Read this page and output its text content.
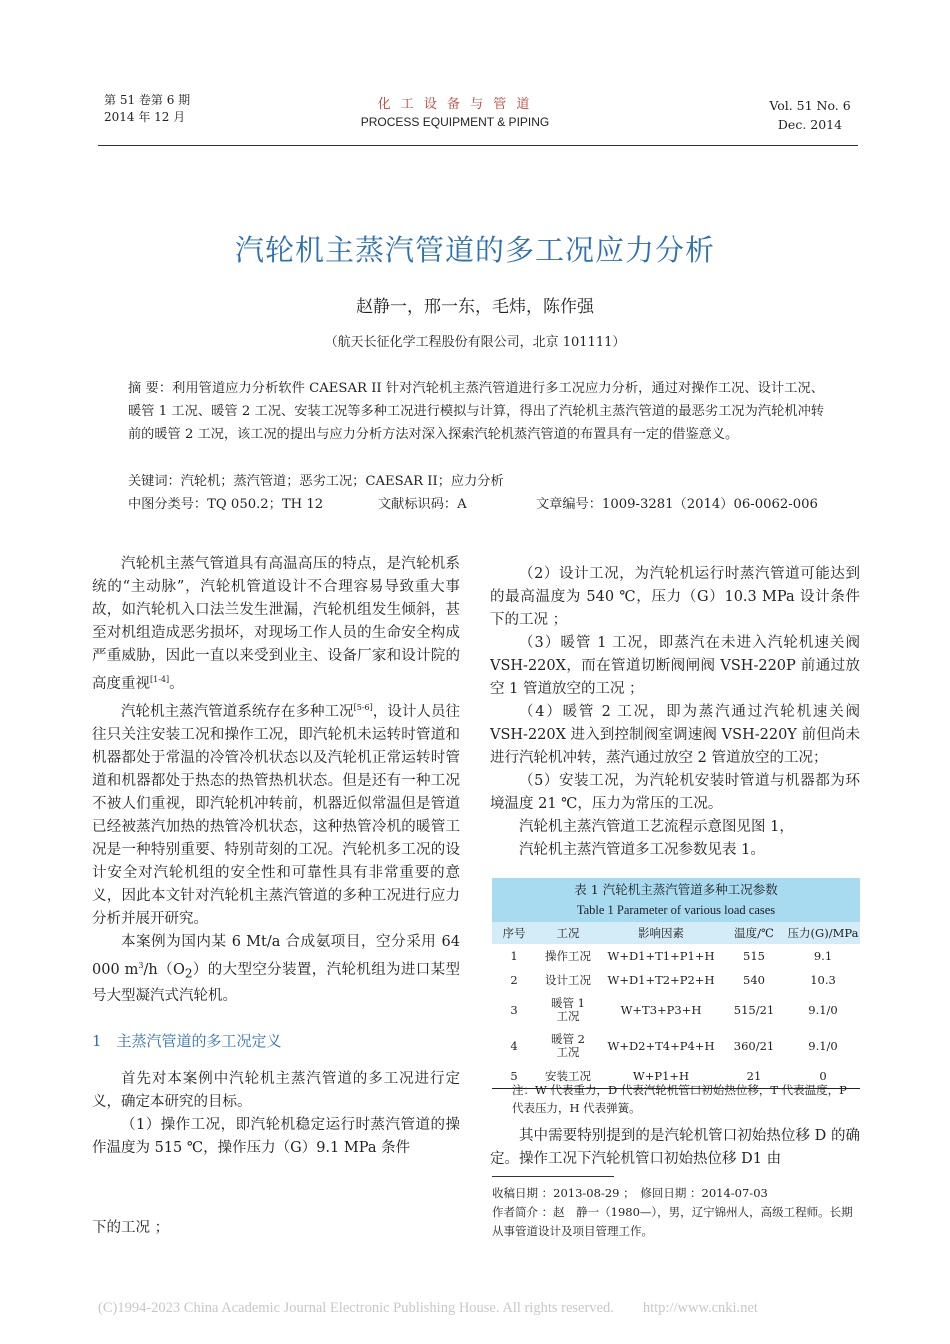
第 51 卷第 6 期 2014 年 12 月
化 工 设 备 与 管 道
PROCESS EQUIPMENT & PIPING
Vol. 51 No. 6
Dec. 2014
汽轮机主蒸汽管道的多工况应力分析
赵静一，邢一东，毛炜，陈作强
（航天长征化学工程股份有限公司，北京 101111）
摘 要：利用管道应力分析软件 CAESAR II 针对汽轮机主蒸汽管道进行多工况应力分析，通过对操作工况、设计工况、暖管 1 工况、暖管 2 工况、安装工况等多种工况进行模拟与计算，得出了汽轮机主蒸汽管道的最恶劣工况为汽轮机冲转前的暖管 2 工况，该工况的提出与应力分析方法对深入探索汽轮机蒸汽管道的布置具有一定的借鉴意义。
关键词：汽轮机；蒸汽管道；恶劣工况；CAESAR II；应力分析
中图分类号：TQ 050.2；TH 12	文献标识码：A	文章编号：1009-3281（2014）06-0062-006

汽轮机主蒸气管道具有高温高压的特点，是汽轮机系统的“主动脉”，汽轮机管道设计不合理容易导致重大事故，如汽轮机入口法兰发生泄漏，汽轮机组发生倾斜，甚至对机组造成恶劣损坏，对现场工作人员的生命安全构成严重威胁，因此一直以来受到业主、设备厂家和设计院的高度重视[1-4]。

汽轮机主蒸汽管道系统存在多种工况[5-6]，设计人员往往只关注安装工况和操作工况，即汽轮机未运转时管道和机器都处于常温的冷管冷机状态以及汽轮机正常运转时管道和机器都处于热态的热管热机状态。但是还有一种工况不被人们重视，即汽轮机冲转前，机器近似常温但是管道已经被蒸汽加热的热管冷机状态，这种热管冷机的暖管工况是一种特别重要、特别苛刻的工况。汽轮机多工况的设计安全对汽轮机组的安全性和可靠性具有非常重要的意义，因此本文针对汽轮机主蒸汽管道的多种工况进行应力分析并展开研究。

本案例为国内某 6 Mt/a 合成氨项目，空分采用 64 000 $m^3/h(O_2)$的大型空分装置，汽轮机组为进口某型号大型凝汽式汽轮机。

1　主蒸汽管道的多工况定义

首先对本案例中汽轮机主蒸汽管道的多工况进行定义，确定本研究的目标。

（1）操作工况，即汽轮机稳定运行时蒸汽管道的操作温度为 515 ℃，操作压力（G）9.1 MPa 条件

下的工况 ；

（2）设计工况，为汽轮机运行时蒸汽管道可能达到的最高温度为 540 ℃，压力（G）10.3 MPa 设计条件下的工况 ；

（3）暖管 1 工况，即蒸汽在未进入汽轮机速关阀 VSH-220X，而在管道切断阀闸阀 VSH-220P 前通过放空 1 管道放空的工况 ；

（4）暖管 2 工况，即为蒸汽通过汽轮机速关阀 VSH-220X 进入到控制阀室调速阀 VSH-220Y 前但尚未进行汽轮机冲转，蒸汽通过放空 2 管道放空的工况；

（5）安装工况，为汽轮机安装时管道与机器都为环境温度 21 ℃，压力为常压的工况。

汽轮机主蒸汽管道工艺流程示意图见图 1，

汽轮机主蒸汽管道多工况参数见表 1。

表 1 汽轮机主蒸汽管道多种工况参数
Table 1 Parameter of various load cases
序号	工况	影响因素	温度/℃	压力(G)/MPa
1	操作工况	W+D1+T1+P1+H	515	9.1
2	设计工况	W+D1+T2+P2+H	540	10.3
3	暖管 1 工况	W+T3+P3+H	515/21	9.1/0
4	暖管 2 工况	W+D2+T4+P4+H	360/21	9.1/0
5	安装工况	W+P1+H	21	0
注：W 代表重力，D 代表汽轮机管口初始热位移，T 代表温度，P 代表压力，H 代表弹簧。

其中需要特别提到的是汽轮机管口初始热位移 D 的确定。操作工况下汽轮机管口初始热位移 D1 由

收稿日期 ：2013-08-29 ；　修回日期 ：2014-07-03
作者简介 ：赵　静一（1980—），男，辽宁锦州人，高级工程师。长期从事管道设计及项目管理工作。
(C)1994-2023 China Academic Journal Electronic Publishing House. All rights reserved.　　http://www.cnki.net
